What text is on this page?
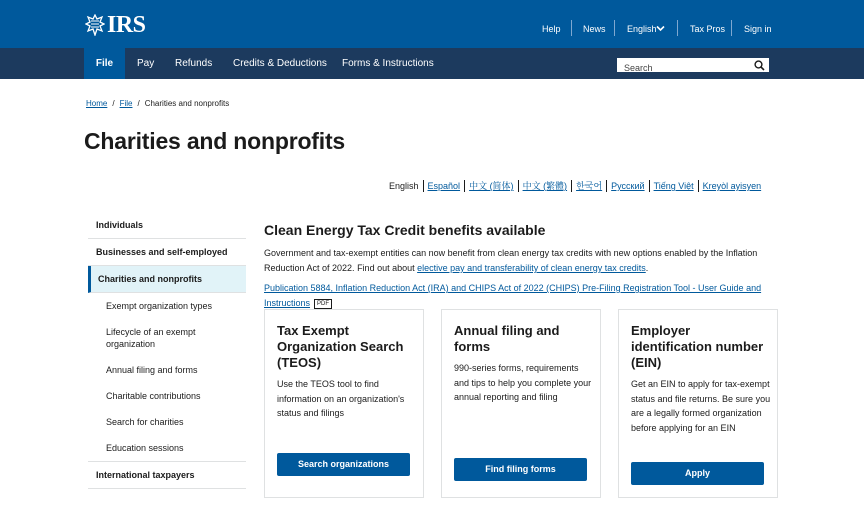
IRS	Help News English	Tax Pros Sign in
File	Pay Refunds Credits & Deductions Forms & Instructions
Search
Home / File / Charities and nonprofits
Charities and nonprofits
English	Español	中文 (简体)	中文 (繁體)	한국어	Русский	Tiếng Việt	Kreyòl ayisyen
Individuals
Businesses and self-employed
Charities and nonprofits
Exempt organization types
Lifecycle of an exempt organization
Annual filing and forms
Charitable contributions
Search for charities
Education sessions
International taxpayers
Clean Energy Tax Credit benefits available

Government and tax-exempt entities can now benefit from clean energy tax credits with new options enabled by the Inflation Reduction Act of 2022. Find out about elective pay and transferability of clean energy tax credits.

Publication 5884, Inflation Reduction Act (IRA) and CHIPS Act of 2022 (CHIPS) Pre-Filing Registration Tool - User Guide and Instructions PDF

Tax Exempt Organization Search (TEOS)
Use the TEOS tool to find information on an organization's status and filings
Search organizations
Annual filing and forms
990-series forms, requirements and tips to help you complete your annual reporting and filing
Find filing forms
Employer identification number (EIN)
Get an EIN to apply for tax-exempt status and file returns. Be sure you are a legally formed organization before applying for an EIN
Apply
